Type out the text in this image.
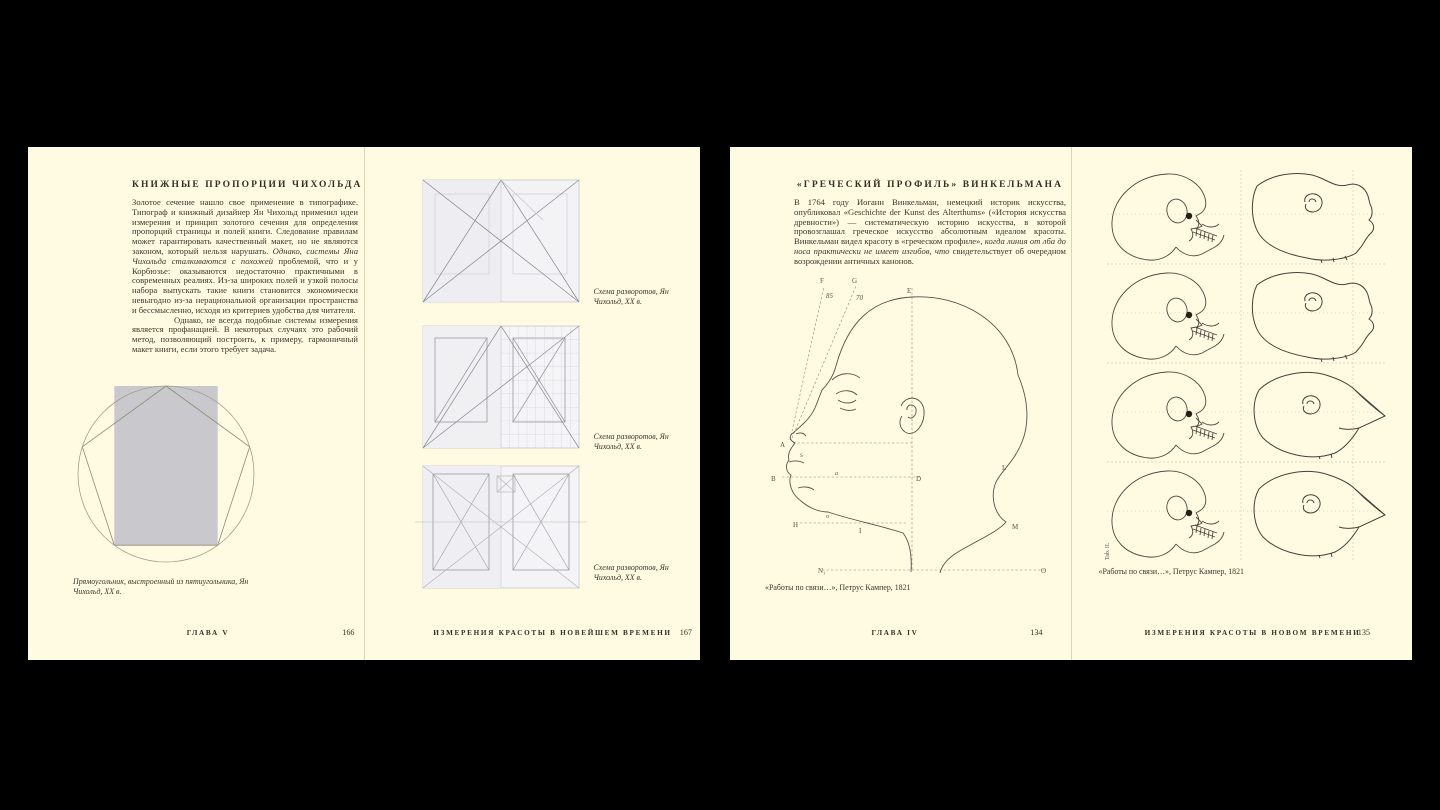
КНИЖНЫЕ ПРОПОРЦИИ ЧИХОЛЬДА

Золотое сечение нашло свое применение в типографике. Типограф и книжный дизайнер Ян Чихольд применил идеи измерения и принцип золотого сечения для определения пропорций страницы и полей книги. Следование правилам может гарантировать качественный макет, но не являются законом, который нельзя нарушать. Однако, системы Яна Чихольда сталкиваются с похожей проблемой, что и у Корбюзье: оказываются недостаточно практичными в современных реалиях. Из-за широких полей и узкой полосы набора выпускать такие книги становится экономически невыгодно из-за нерациональной организации пространства и бессмысленно, исходя из критериев удобства для читателя.

Однако, не всегда подобные системы измерения является профанацией. В некоторых случаях это рабочий метод, позволяющий построить, к примеру, гармоничный макет книги, если этого требует задача.

Прямоугольник, выстроенный из пятиугольника, Ян Чихольд, XX в.
ГЛАВА V	166
Схема разворотов, Ян Чихольд, XX в.
Схема разворотов, Ян Чихольд, XX в.
Схема разворотов, Ян Чихольд, XX в.
ИЗМЕРЕНИЯ КРАСОТЫ В НОВЕЙШЕМ ВРЕМЕНИ 167
«ГРЕЧЕСКИЙ ПРОФИЛЬ» ВИНКЕЛЬМАНА

В 1764 году Иоганн Винкельман, немецкий историк искусства, опубликовал «Geschichte der Kunst des Alterthums» («История искусства древности») — систематическую историю искусства, в которой провозглашал греческое искусство абсолютным идеалом красоты. Винкельман видел красоту в «греческом профиле», когда линия от лба до носа практически не имеет изгибов, что свидетельствует об очередном возрождении античных канонов.

F	G
85	70
E
A
S
B
a
D
o
H
I
L
M
N₁	O
«Работы по связи…», Петрус Кампер, 1821
ГЛАВА IV	134
Tab. II.
«Работы по связи…», Петрус Кампер, 1821
ИЗМЕРЕНИЯ КРАСОТЫ В НОВОМ ВРЕМЕНИ
135
